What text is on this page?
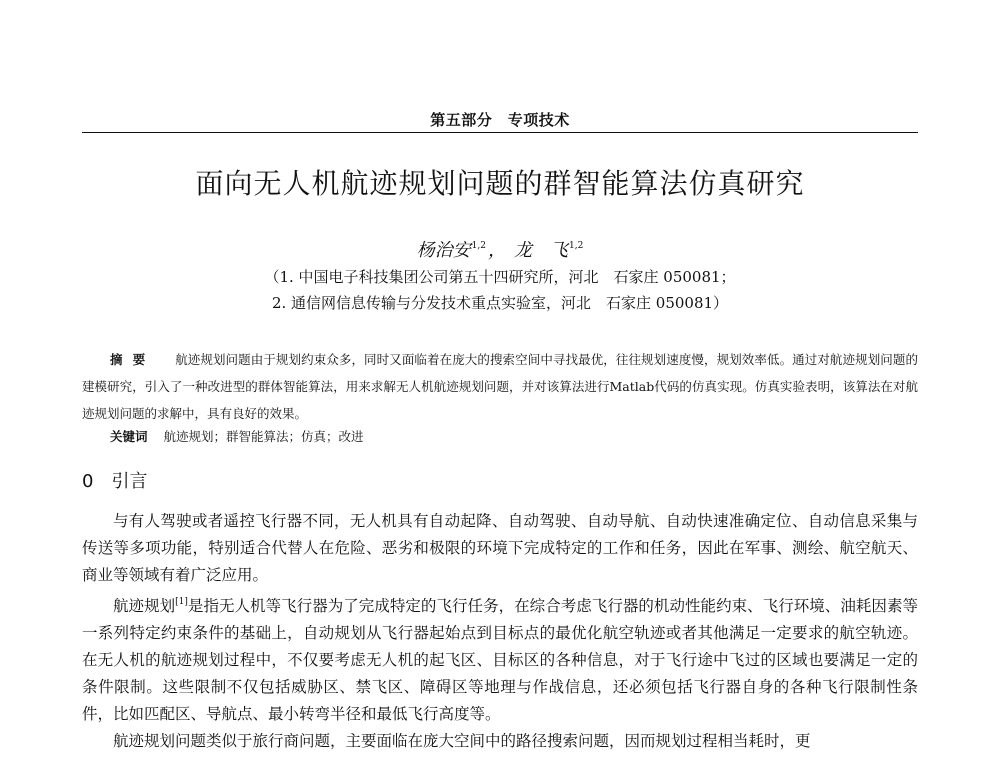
第五部分　专项技术
面向无人机航迹规划问题的群智能算法仿真研究
杨治安$^{1,2}$ ， 龙　飞$^{1,2}$
（1. 中国电子科技集团公司第五十四研究所，河北　石家庄 050081；
2. 通信网信息传输与分发技术重点实验室，河北　石家庄 050081）
摘要 航迹规划问题由于规划约束众多，同时又面临着在庞大的搜索空间中寻找最优，往往规划速度慢，规划效率低。通过对航迹规划问题的建模研究，引入了一种改进型的群体智能算法，用来求解无人机航迹规划问题，并对该算法进行Matlab代码的仿真实现。仿真实验表明，该算法在对航迹规划问题的求解中，具有良好的效果。
关键词 航迹规划；群智能算法；仿真；改进
0 引言

与有人驾驶或者遥控飞行器不同，无人机具有自动起降、自动驾驶、自动导航、自动快速准确定位、自动信息采集与传送等多项功能，特别适合代替人在危险、恶劣和极限的环境下完成特定的工作和任务，因此在军事、测绘、航空航天、商业等领域有着广泛应用。

航迹规划[1]是指无人机等飞行器为了完成特定的飞行任务，在综合考虑飞行器的机动性能约束、飞行环境、油耗因素等一系列特定约束条件的基础上，自动规划从飞行器起始点到目标点的最优化航空轨迹或者其他满足一定要求的航空轨迹。在无人机的航迹规划过程中，不仅要考虑无人机的起飞区、目标区的各种信息，对于飞行途中飞过的区域也要满足一定的条件限制。这些限制不仅包括威胁区、禁飞区、障碍区等地理与作战信息，还必须包括飞行器自身的各种飞行限制性条件，比如匹配区、导航点、最小转弯半径和最低飞行高度等。

航迹规划问题类似于旅行商问题，主要面临在庞大空间中的路径搜索问题，因而规划过程相当耗时，更
